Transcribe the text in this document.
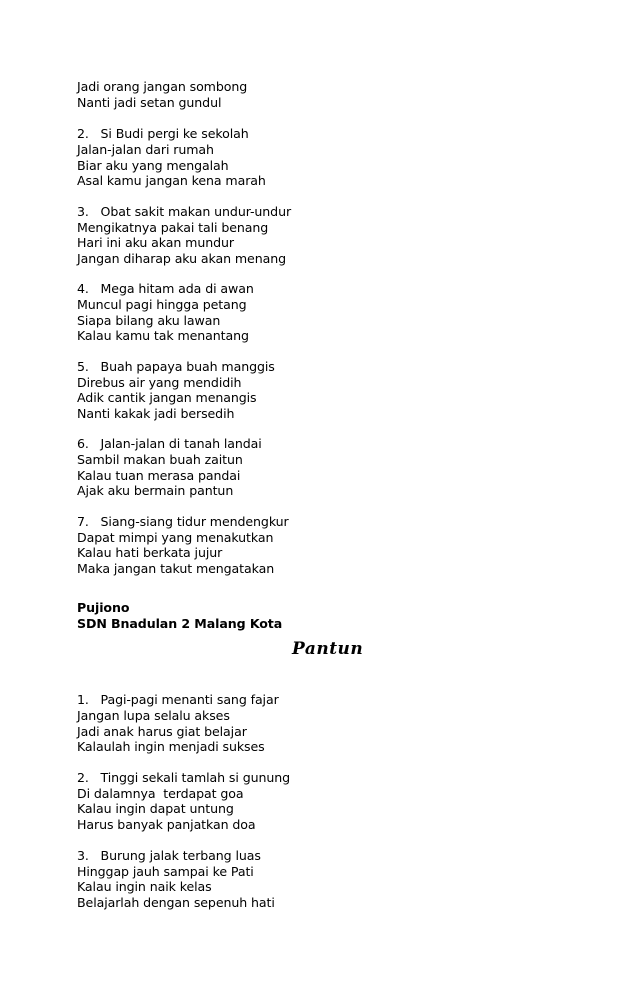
Jadi orang jangan sombong
Nanti jadi setan gundul
2.   Si Budi pergi ke sekolah
Jalan-jalan dari rumah
Biar aku yang mengalah
Asal kamu jangan kena marah
3.   Obat sakit makan undur-undur
Mengikatnya pakai tali benang
Hari ini aku akan mundur
Jangan diharap aku akan menang
4.   Mega hitam ada di awan
Muncul pagi hingga petang
Siapa bilang aku lawan
Kalau kamu tak menantang
5.   Buah papaya buah manggis
Direbus air yang mendidih
Adik cantik jangan menangis
Nanti kakak jadi bersedih
6.   Jalan-jalan di tanah landai
Sambil makan buah zaitun
Kalau tuan merasa pandai
Ajak aku bermain pantun
7.   Siang-siang tidur mendengkur
Dapat mimpi yang menakutkan
Kalau hati berkata jujur
Maka jangan takut mengatakan
Pujiono
SDN Bnadulan 2 Malang Kota
Pantun
1.   Pagi-pagi menanti sang fajar
Jangan lupa selalu akses
Jadi anak harus giat belajar
Kalaulah ingin menjadi sukses
2.   Tinggi sekali tamlah si gunung
Di dalamnya  terdapat goa
Kalau ingin dapat untung
Harus banyak panjatkan doa
3.   Burung jalak terbang luas
Hinggap jauh sampai ke Pati
Kalau ingin naik kelas
Belajarlah dengan sepenuh hati
